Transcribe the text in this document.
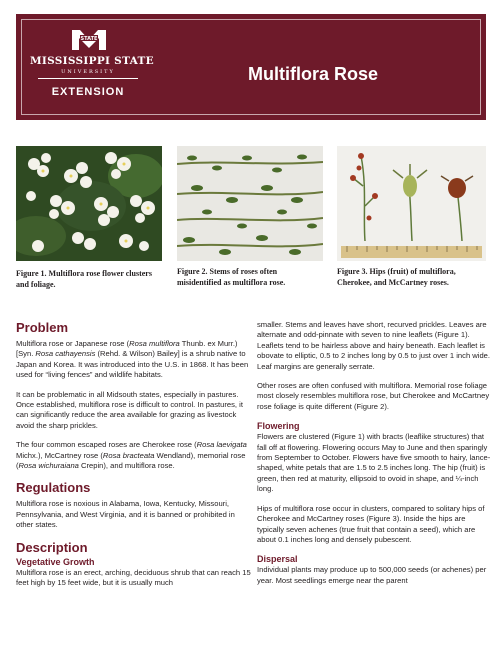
STATE
MISSISSIPPI STATE
UNIVERSITY
EXTENSION
Multiflora Rose
Figure 1. Multiflora rose flower clusters and foliage.
Figure 2. Stems of roses often misidentified as multiflora rose.
Figure 3. Hips (fruit) of multiflora, Cherokee, and McCartney roses.
Problem

Multiflora rose or Japanese rose (Rosa multiflora Thunb. ex Murr.) [Syn. Rosa cathayensis (Rehd. & Wilson) Bailey] is a shrub native to Japan and Korea. It was introduced into the U.S. in 1868. It has been used for “living fences” and wildlife habitats.

It can be problematic in all Midsouth states, especially in pastures. Once established, multiflora rose is difficult to control. In pastures, it can significantly reduce the area available for grazing as livestock avoid the sharp prickles.

The four common escaped roses are Cherokee rose (Rosa laevigata Michx.), McCartney rose (Rosa bracteata Wendland), memorial rose (Rosa wichuraiana Crepin), and multiflora rose.

Regulations

Multiflora rose is noxious in Alabama, Iowa, Kentucky, Missouri, Pennsylvania, and West Virginia, and it is banned or prohibited in other states.

Description
Vegetative Growth

Multiflora rose is an erect, arching, deciduous shrub that can reach 15 feet high by 15 feet wide, but it is usually much

smaller. Stems and leaves have short, recurved prickles. Leaves are alternate and odd-pinnate with seven to nine leaflets (Figure 1). Leaflets tend to be hairless above and hairy beneath. Each leaflet is obovate to elliptic, 0.5 to 2 inches long by 0.5 to just over 1 inch wide. Leaf margins are generally serrate.

Other roses are often confused with multiflora. Memorial rose foliage most closely resembles multiflora rose, but Cherokee and McCartney rose foliage is quite different (Figure 2).

Flowering

Flowers are clustered (Figure 1) with bracts (leaflike structures) that fall off at flowering. Flowering occurs May to June and then sparingly from September to October. Flowers have five smooth to hairy, lance-shaped, white petals that are 1.5 to 2.5 inches long. The hip (fruit) is green, then red at maturity, ellipsoid to ovoid in shape, and ¼-inch long.

Hips of multiflora rose occur in clusters, compared to solitary hips of Cherokee and McCartney roses (Figure 3). Inside the hips are typically seven achenes (true fruit that contain a seed), which are about 0.1 inches long and densely pubescent.

Dispersal

Individual plants may produce up to 500,000 seeds (or achenes) per year. Most seedlings emerge near the parent
